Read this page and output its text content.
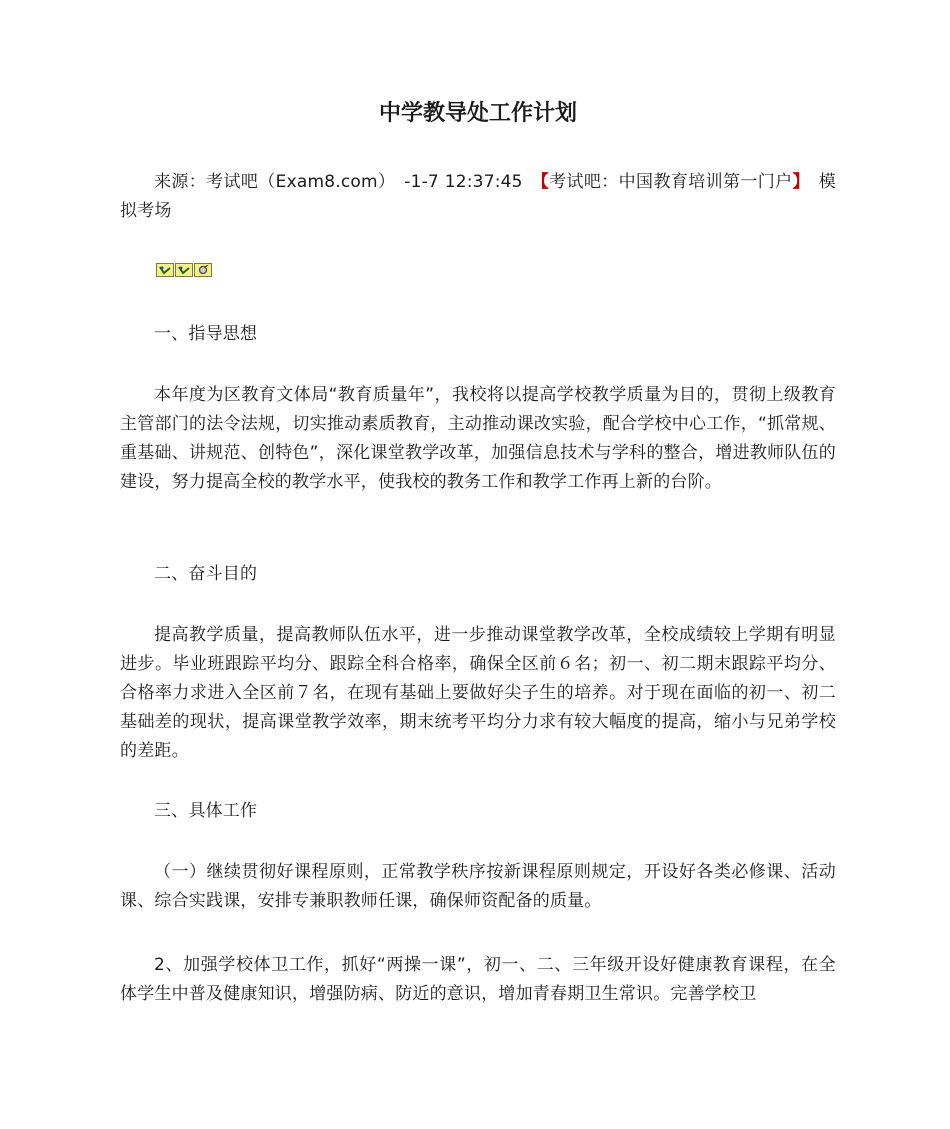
中学教导处工作计划

来源：考试吧（Exam8.com）　-1-7 12:37:45　【考试吧：中国教育培训第一门户】　模拟考场

一、指导思想

本年度为区教育文体局“教育质量年”，我校将以提高学校教学质量为目的，贯彻上级教育主管部门的法令法规，切实推动素质教育，主动推动课改实验，配合学校中心工作，“抓常规、重基础、讲规范、创特色”，深化课堂教学改革，加强信息技术与学科的整合，增进教师队伍的建设，努力提高全校的教学水平，使我校的教务工作和教学工作再上新的台阶。

二、奋斗目的

提高教学质量，提高教师队伍水平，进一步推动课堂教学改革，全校成绩较上学期有明显进步。毕业班跟踪平均分、跟踪全科合格率，确保全区前６名；初一、初二期末跟踪平均分、合格率力求进入全区前７名，在现有基础上要做好尖子生的培养。对于现在面临的初一、初二基础差的现状，提高课堂教学效率，期末统考平均分力求有较大幅度的提高，缩小与兄弟学校的差距。

三、具体工作

（一）继续贯彻好课程原则，正常教学秩序按新课程原则规定，开设好各类必修课、活动课、综合实践课，安排专兼职教师任课，确保师资配备的质量。

2、加强学校体卫工作，抓好“两操一课”，初一、二、三年级开设好健康教育课程，在全体学生中普及健康知识，增强防病、防近的意识，增加青春期卫生常识。完善学校卫
